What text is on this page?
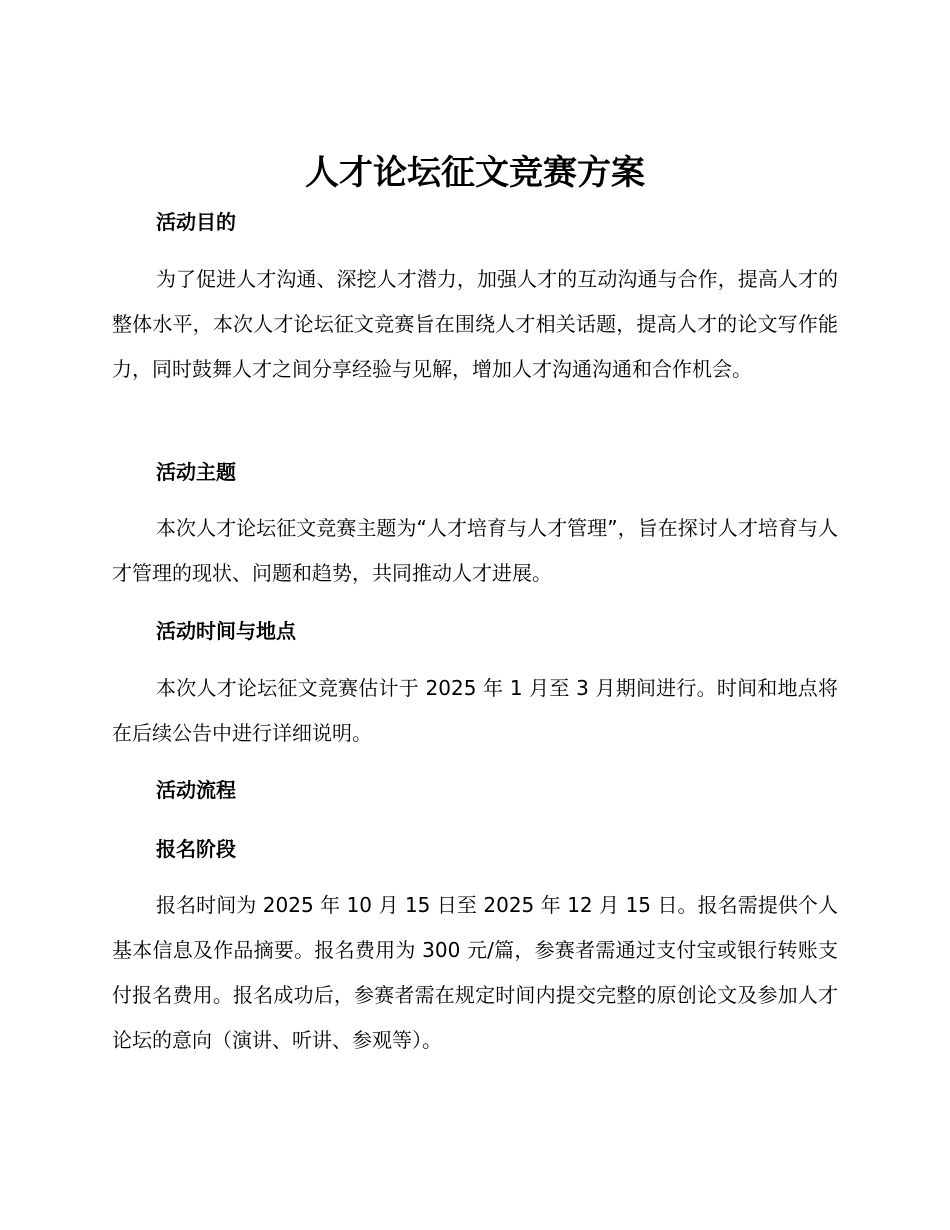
人才论坛征文竞赛方案
活动目的

为了促进人才沟通、深挖人才潜力，加强人才的互动沟通与合作，提高人才的整体水平，本次人才论坛征文竞赛旨在围绕人才相关话题，提高人才的论文写作能力，同时鼓舞人才之间分享经验与见解，增加人才沟通沟通和合作机会。

活动主题

本次人才论坛征文竞赛主题为“人才培育与人才管理”，旨在探讨人才培育与人才管理的现状、问题和趋势，共同推动人才进展。

活动时间与地点

本次人才论坛征文竞赛估计于 2025 年 1 月至 3 月期间进行。时间和地点将在后续公告中进行详细说明。

活动流程
报名阶段

报名时间为 2025 年 10 月 15 日至 2025 年 12 月 15 日。报名需提供个人基本信息及作品摘要。报名费用为 300 元/篇，参赛者需通过支付宝或银行转账支付报名费用。报名成功后，参赛者需在规定时间内提交完整的原创论文及参加人才论坛的意向（演讲、听讲、参观等）。
